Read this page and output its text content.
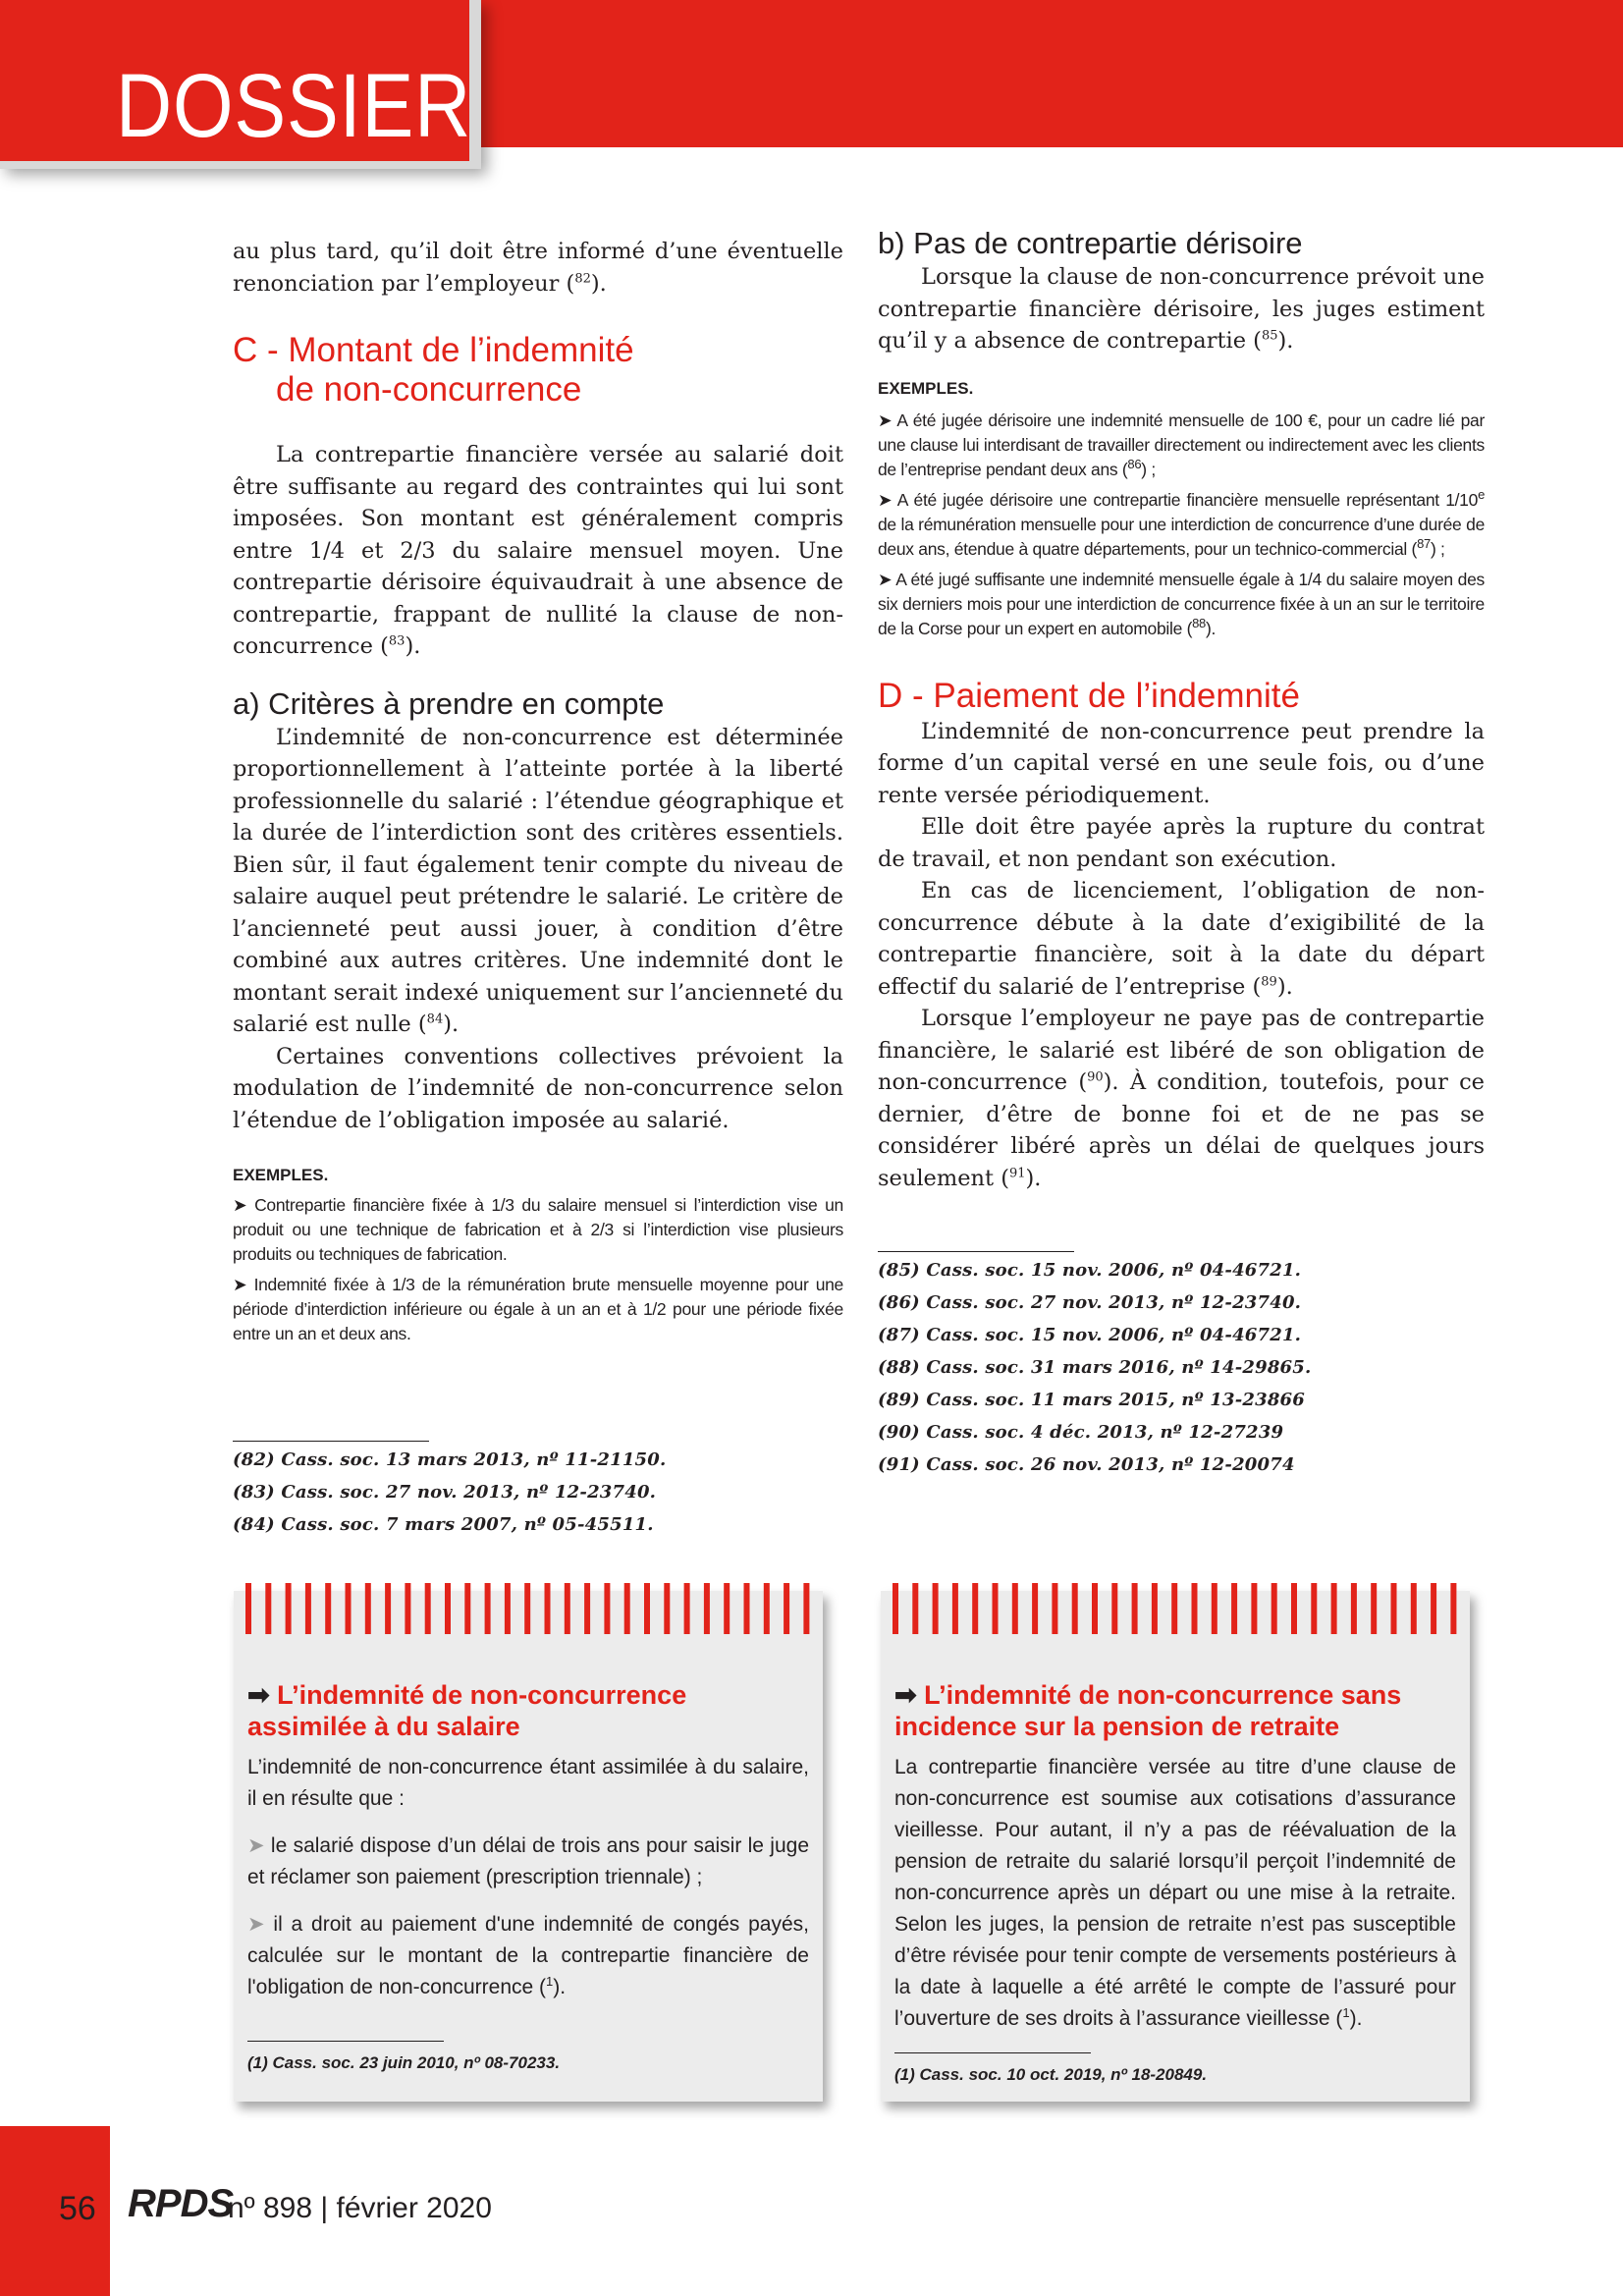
DOSSIER

au plus tard, qu’il doit être informé d’une éventuelle renonciation par l’employeur ($^{82}$).

C - Montant de l’indemnité
de non-concurrence

La contrepartie financière versée au salarié doit être suffisante au regard des contraintes qui lui sont imposées. Son montant est généralement compris entre 1/4 et 2/3 du salaire mensuel moyen. Une contrepartie dérisoire équivaudrait à une absence de contrepartie, frappant de nullité la clause de non-concurrence ($^{83}$).

a) Critères à prendre en compte

L’indemnité de non-concurrence est déterminée proportionnellement à l’atteinte portée à la liberté professionnelle du salarié : l’étendue géographique et la durée de l’interdiction sont des critères essentiels. Bien sûr, il faut également tenir compte du niveau de salaire auquel peut prétendre le salarié. Le critère de l’ancienneté peut aussi jouer, à condition d’être combiné aux autres critères. Une indemnité dont le montant serait indexé uniquement sur l’ancienneté du salarié est nulle ($^{84}$).

Certaines conventions collectives prévoient la modulation de l’indemnité de non-concurrence selon l’étendue de l’obligation imposée au salarié.

EXEMPLES.

➤ Contrepartie financière fixée à 1/3 du salaire mensuel si l’interdiction vise un produit ou une technique de fabrication et à 2/3 si l’interdiction vise plusieurs produits ou techniques de fabrication.

➤ Indemnité fixée à 1/3 de la rémunération brute mensuelle moyenne pour une période d’interdiction inférieure ou égale à un an et à 1/2 pour une période fixée entre un an et deux ans.

(82) Cass. soc. 13 mars 2013, nº 11-21150.

(83) Cass. soc. 27 nov. 2013, nº 12-23740.

(84) Cass. soc. 7 mars 2007, nº 05-45511.

b) Pas de contrepartie dérisoire

Lorsque la clause de non-concurrence prévoit une contrepartie financière dérisoire, les juges estiment qu’il y a absence de contrepartie ($^{85}$).

EXEMPLES.

➤ A été jugée dérisoire une indemnité mensuelle de 100 €, pour un cadre lié par une clause lui interdisant de travailler directement ou indirectement avec les clients de l’entreprise pendant deux ans ($^{86}$) ;

➤ A été jugée dérisoire une contrepartie financière mensuelle représentant 1/10e de la rémunération mensuelle pour une interdiction de concurrence d’une durée de deux ans, étendue à quatre départements, pour un technico-commercial ($^{87}$) ;

➤ A été jugé suffisante une indemnité mensuelle égale à 1/4 du salaire moyen des six derniers mois pour une interdiction de concurrence fixée à un an sur le territoire de la Corse pour un expert en automobile ($^{88}$).

D - Paiement de l’indemnité

L’indemnité de non-concurrence peut prendre la forme d’un capital versé en une seule fois, ou d’une rente versée périodiquement.

Elle doit être payée après la rupture du contrat de travail, et non pendant son exécution.

En cas de licenciement, l’obligation de non-concurrence débute à la date d’exigibilité de la contrepartie financière, soit à la date du départ effectif du salarié de l’entreprise ($^{89}$).

Lorsque l’employeur ne paye pas de contrepartie financière, le salarié est libéré de son obligation de non-concurrence ($^{90}$). À condition, toutefois, pour ce dernier, d’être de bonne foi et de ne pas se considérer libéré après un délai de quelques jours seulement ($^{91}$).

(85) Cass. soc. 15 nov. 2006, nº 04-46721.

(86) Cass. soc. 27 nov. 2013, nº 12-23740.

(87) Cass. soc. 15 nov. 2006, nº 04-46721.

(88) Cass. soc. 31 mars 2016, nº 14-29865.

(89) Cass. soc. 11 mars 2015, nº 13-23866

(90) Cass. soc. 4 déc. 2013, nº 12-27239

(91) Cass. soc. 26 nov. 2013, nº 12-20074

➡ L’indemnité de non-concurrence
assimilée à du salaire

L’indemnité de non-concurrence étant assimilée à du salaire, il en résulte que :

➤ le salarié dispose d’un délai de trois ans pour saisir le juge et réclamer son paiement (prescription triennale) ;

➤ il a droit au paiement d'une indemnité de congés payés, calculée sur le montant de la contrepartie financière de l'obligation de non-concurrence ($^1$).

(1) Cass. soc. 23 juin 2010, nº 08-70233.

➡ L’indemnité de non-concurrence sans
incidence sur la pension de retraite

La contrepartie financière versée au titre d’une clause de non-concurrence est soumise aux cotisations d’assurance vieillesse. Pour autant, il n’y a pas de réévaluation de la pension de retraite du salarié lorsqu’il perçoit l’indemnité de non-concurrence après un départ ou une mise à la retraite. Selon les juges, la pension de retraite n’est pas susceptible d’être révisée pour tenir compte de versements postérieurs à la date à laquelle a été arrêté le compte de l’assuré pour l’ouverture de ses droits à l’assurance vieillesse ($^1$).

(1) Cass. soc. 10 oct. 2019, nº 18-20849.

56 RPDS
nº 898 | février 2020
